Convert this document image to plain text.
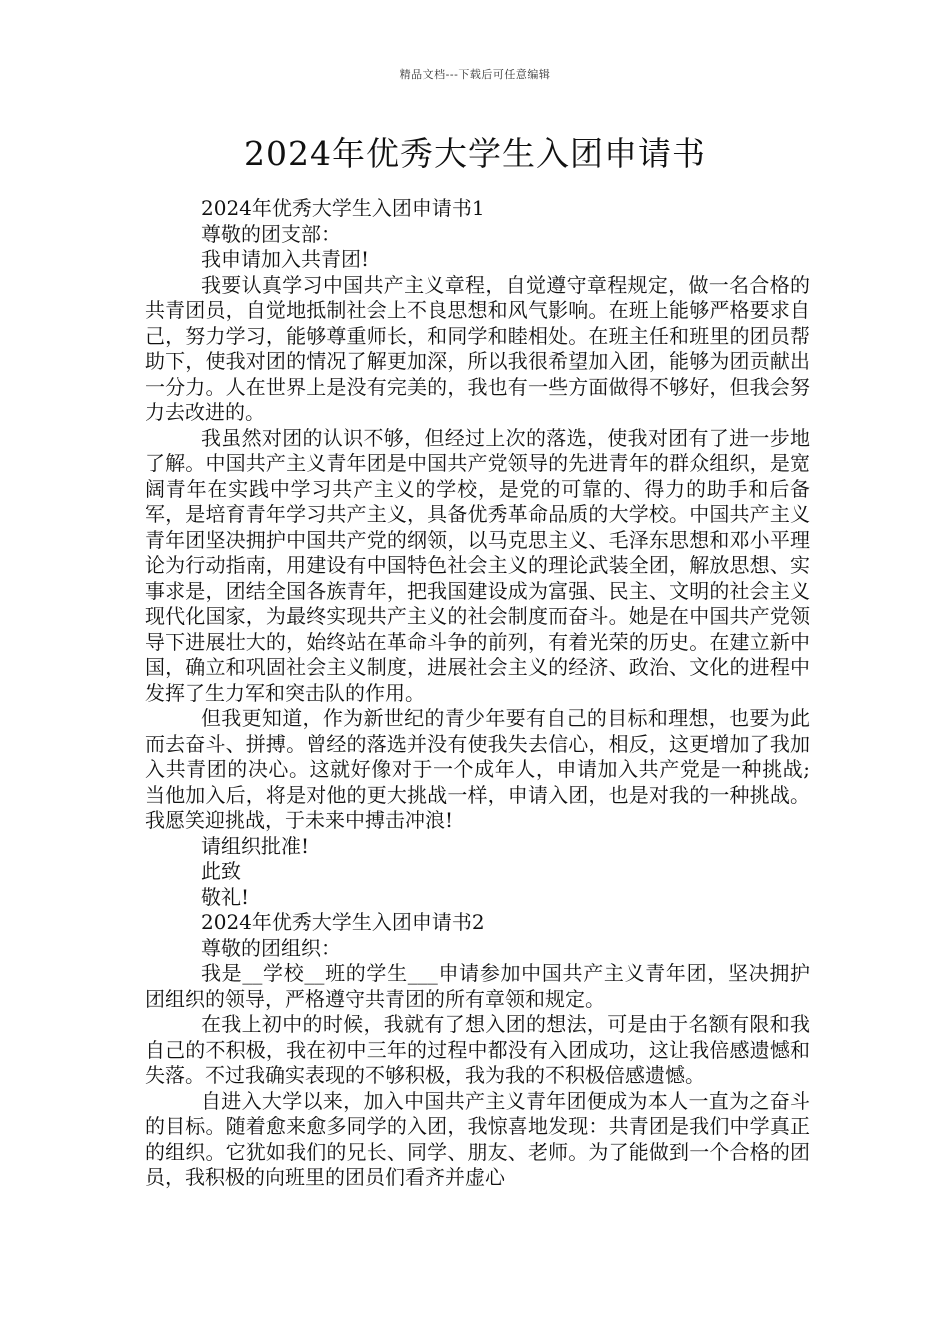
精品文档---下载后可任意编辑
2024年优秀大学生入团申请书

2024年优秀大学生入团申请书1

尊敬的团支部：

我申请加入共青团!

我要认真学习中国共产主义章程，自觉遵守章程规定，做一名合格的共青团员，自觉地抵制社会上不良思想和风气影响。在班上能够严格要求自己，努力学习，能够尊重师长，和同学和睦相处。在班主任和班里的团员帮助下，使我对团的情况了解更加深，所以我很希望加入团，能够为团贡献出一分力。人在世界上是没有完美的，我也有一些方面做得不够好，但我会努力去改进的。

我虽然对团的认识不够，但经过上次的落选，使我对团有了进一步地了解。中国共产主义青年团是中国共产党领导的先进青年的群众组织，是宽阔青年在实践中学习共产主义的学校，是党的可靠的、得力的助手和后备军，是培育青年学习共产主义，具备优秀革命品质的大学校。中国共产主义青年团坚决拥护中国共产党的纲领，以马克思主义、毛泽东思想和邓小平理论为行动指南，用建设有中国特色社会主义的理论武装全团，解放思想、实事求是，团结全国各族青年，把我国建设成为富强、民主、文明的社会主义现代化国家，为最终实现共产主义的社会制度而奋斗。她是在中国共产党领导下进展壮大的，始终站在革命斗争的前列，有着光荣的历史。在建立新中国，确立和巩固社会主义制度，进展社会主义的经济、政治、文化的进程中发挥了生力军和突击队的作用。

但我更知道，作为新世纪的青少年要有自己的目标和理想，也要为此而去奋斗、拼搏。曾经的落选并没有使我失去信心，相反，这更增加了我加入共青团的决心。这就好像对于一个成年人，申请加入共产党是一种挑战;当他加入后，将是对他的更大挑战一样，申请入团，也是对我的一种挑战。我愿笑迎挑战，于未来中搏击冲浪!

请组织批准!

此致

敬礼!

2024年优秀大学生入团申请书2

尊敬的团组织：

我是__学校__班的学生___申请参加中国共产主义青年团，坚决拥护团组织的领导，严格遵守共青团的所有章领和规定。

在我上初中的时候，我就有了想入团的想法，可是由于名额有限和我自己的不积极，我在初中三年的过程中都没有入团成功，这让我倍感遗憾和失落。不过我确实表现的不够积极，我为我的不积极倍感遗憾。

自进入大学以来，加入中国共产主义青年团便成为本人一直为之奋斗的目标。随着愈来愈多同学的入团，我惊喜地发现：共青团是我们中学真正的组织。它犹如我们的兄长、同学、朋友、老师。为了能做到一个合格的团员，我积极的向班里的团员们看齐并虚心
